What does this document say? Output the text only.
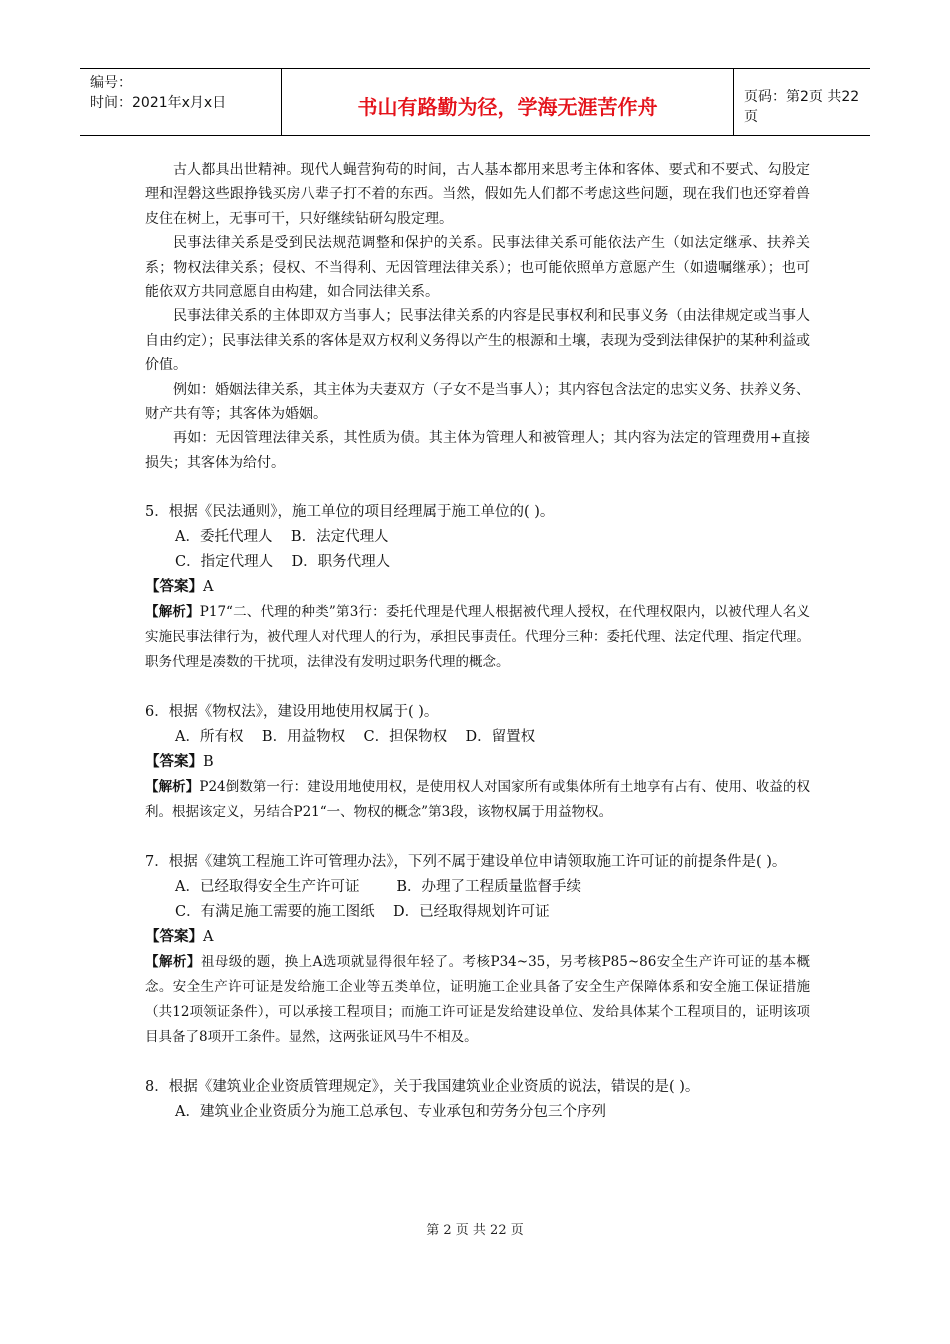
编号：
时间：2021年x月x日	书山有路勤为径，学海无涯苦作舟	页码：第2页 共22页

古人都具出世精神。现代人蝇营狗苟的时间，古人基本都用来思考主体和客体、要式和不要式、勾股定理和涅磐这些跟挣钱买房八辈子打不着的东西。当然，假如先人们都不考虑这些问题，现在我们也还穿着兽皮住在树上，无事可干，只好继续钻研勾股定理。

民事法律关系是受到民法规范调整和保护的关系。民事法律关系可能依法产生（如法定继承、扶养关系；物权法律关系；侵权、不当得利、无因管理法律关系）；也可能依照单方意愿产生（如遗嘱继承）；也可能依双方共同意愿自由构建，如合同法律关系。

民事法律关系的主体即双方当事人；民事法律关系的内容是民事权利和民事义务（由法律规定或当事人自由约定）；民事法律关系的客体是双方权利义务得以产生的根源和土壤，表现为受到法律保护的某种利益或价值。

例如：婚姻法律关系，其主体为夫妻双方（子女不是当事人）；其内容包含法定的忠实义务、扶养义务、财产共有等；其客体为婚姻。

再如：无因管理法律关系，其性质为债。其主体为管理人和被管理人；其内容为法定的管理费用+直接损失；其客体为给付。

5．根据《民法通则》，施工单位的项目经理属于施工单位的( )。

A．委托代理人    B．法定代理人

C．指定代理人    D．职务代理人

【答案】A

【解析】P17“二、代理的种类”第3行：委托代理是代理人根据被代理人授权，在代理权限内，以被代理人名义实施民事法律行为，被代理人对代理人的行为，承担民事责任。代理分三种：委托代理、法定代理、指定代理。职务代理是凑数的干扰项，法律没有发明过职务代理的概念。

6．根据《物权法》，建设用地使用权属于( )。

A．所有权    B．用益物权    C．担保物权    D．留置权

【答案】B

【解析】P24倒数第一行：建设用地使用权，是使用权人对国家所有或集体所有土地享有占有、使用、收益的权利。根据该定义，另结合P21“一、物权的概念”第3段，该物权属于用益物权。

7．根据《建筑工程施工许可管理办法》，下列不属于建设单位申请领取施工许可证的前提条件是( )。

A．已经取得安全生产许可证        B．办理了工程质量监督手续

C．有满足施工需要的施工图纸    D．已经取得规划许可证

【答案】A

【解析】祖母级的题，换上A选项就显得很年轻了。考核P34~35，另考核P85~86安全生产许可证的基本概念。安全生产许可证是发给施工企业等五类单位，证明施工企业具备了安全生产保障体系和安全施工保证措施（共12项领证条件），可以承接工程项目；而施工许可证是发给建设单位、发给具体某个工程项目的，证明该项目具备了8项开工条件。显然，这两张证风马牛不相及。

8．根据《建筑业企业资质管理规定》，关于我国建筑业企业资质的说法，错误的是( )。

A．建筑业企业资质分为施工总承包、专业承包和劳务分包三个序列

第 2 页 共 22 页
